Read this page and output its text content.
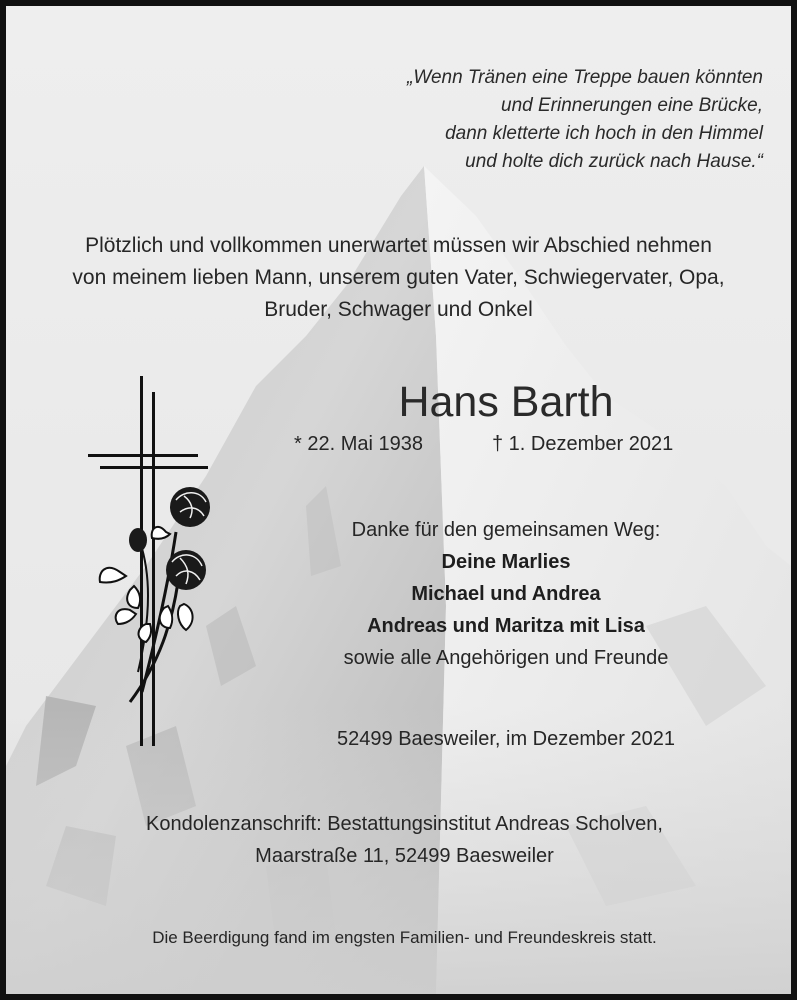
„Wenn Tränen eine Treppe bauen könnten
und Erinnerungen eine Brücke,
dann kletterte ich hoch in den Himmel
und holte dich zurück nach Hause.“
Plötzlich und vollkommen unerwartet müssen wir Abschied nehmen
von meinem lieben Mann, unserem guten Vater, Schwiegervater, Opa,
Bruder, Schwager und Onkel
Hans Barth
* 22. Mai 1938	† 1. Dezember 2021
Danke für den gemeinsamen Weg:
Deine Marlies
Michael und Andrea
Andreas und Maritza mit Lisa
sowie alle Angehörigen und Freunde
52499 Baesweiler, im Dezember 2021
Kondolenzanschrift: Bestattungsinstitut Andreas Scholven,
Maarstraße 11, 52499 Baesweiler
Die Beerdigung fand im engsten Familien- und Freundeskreis statt.
